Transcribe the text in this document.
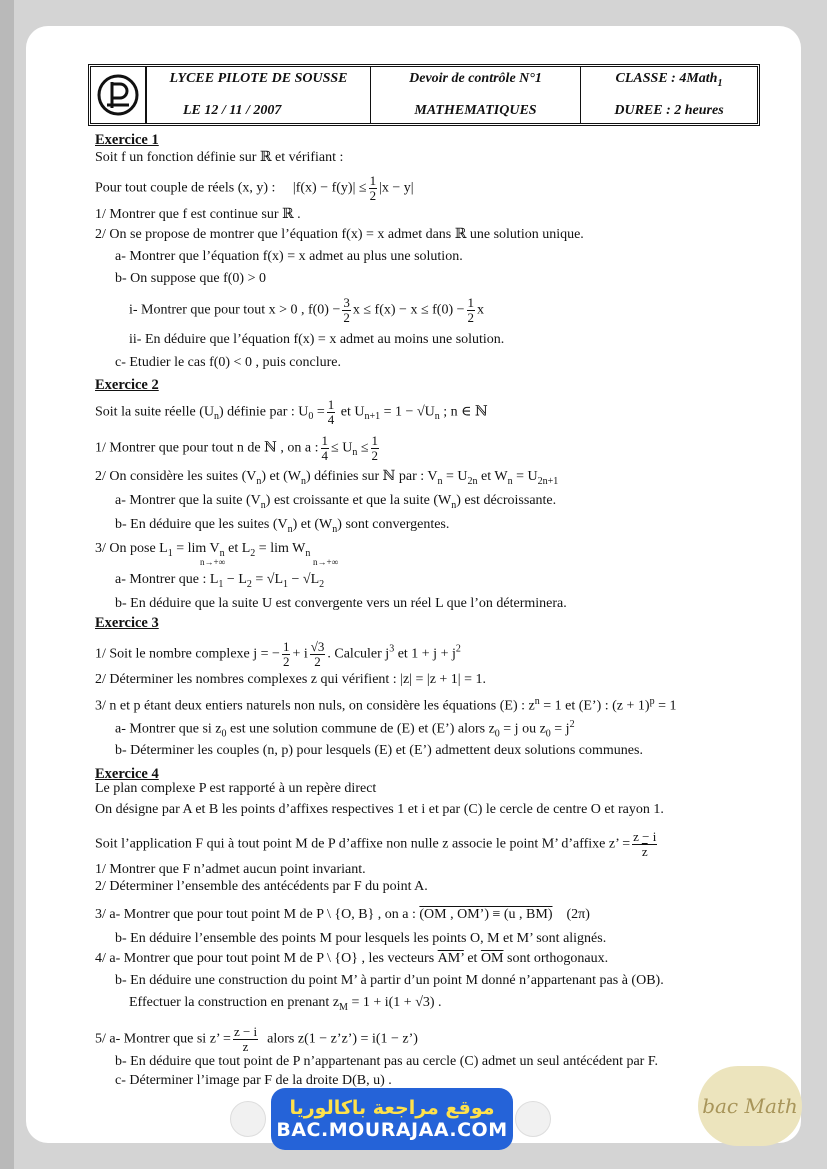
LYCEE PILOTE DE SOUSSE
LE 12 / 11 / 2007
Devoir de contrôle N°1
MATHEMATIQUES
CLASSE : 4Math$_1$
DUREE : 2 heures
Exercice 1
Soit f un fonction définie sur ℝ et vérifiant :
Pour tout couple de réels (x, y) : $|f(x) - f(y)| \le \frac{1}{2} |x - y|$
1/ Montrer que f est continue sur ℝ .
2/ On se propose de montrer que l’équation f(x) = x admet dans ℝ une solution unique.
a- Montrer que l’équation f(x) = x admet au plus une solution.
b- On suppose que f(0) > 0
i- Montrer que pour tout x > 0 , $f(0) - \frac{3}{2}$ $x \le f(x) - x \le f(0) - \frac{1}{2}$ x
ii- En déduire que l’équation f(x) = x admet au moins une solution.
c- Etudier le cas f(0) < 0 , puis conclure.
Exercice 2
Soit la suite réelle $(U_n)$ définie par : $U_0 = \frac{1}{4}$ et $U_{n+1} = 1 - √U_n$ ; n ∈ ℕ
1/ Montrer que pour tout n de ℕ , on a : $\frac{1}{4} \le U_n \le \frac{1}{2}$
2/ On considère les suites $(V_n)$ et $(W_n)$ définies sur ℕ par : $V_n = U_{2n}$ et $W_n = U_{2n+1}$
a- Montrer que la suite $(V_n)$ est croissante et que la suite $(W_n)$ est décroissante.
b- En déduire que les suites $(V_n)$ et $(W_n)$ sont convergentes.
3/ On pose $L_1 = \lim V_n$ et $L_2 = \lim W_n$
n→+∞	n→+∞
a- Montrer que : $L_1 - L_2 = √L_1 - √L_2$
b- En déduire que la suite U est convergente vers un réel L que l’on déterminera.
Exercice 3
1/ Soit le nombre complexe j = − $\frac{1}{2} + i \frac{√3}{2}$ . Calculer $j^3$ et $1 + j + j^2$
2/ Déterminer les nombres complexes z qui vérifient : |z| = |z + 1| = 1.
3/ n et p étant deux entiers naturels non nuls, on considère les équations (E) : $z^n = 1$ et (E’) : $(z + 1)^p = 1$
a- Montrer que si $z_0$ est une solution commune de (E) et (E’) alors $z_0 = j$ ou $z_0 = j^2$
b- Déterminer les couples (n, p) pour lesquels (E) et (E’) admettent deux solutions communes.
Exercice 4
Le plan complexe P est rapporté à un repère direct
On désigne par A et B les points d’affixes respectives 1 et i et par (C) le cercle de centre O et rayon 1.
Soit l’application F qui à tout point M de P d’affixe non nulle z associe le point M’ d’affixe z’ = $\frac{z - i}{z}$
1/ Montrer que F n’admet aucun point invariant.
2/ Déterminer l’ensemble des antécédents par F du point A.
3/ a- Montrer que pour tout point M de P \ {O, B} , on a : (OM , OM’) ≡ (u , BM) (2π)
b- En déduire l’ensemble des points M pour lesquels les points O, M et M’ sont alignés.
4/ a- Montrer que pour tout point M de P \ {O} , les vecteurs AM’ et $\overline{OM}$ sont orthogonaux.
b- En déduire une construction du point M’ à partir d’un point M donné n’appartenant pas à (OB).
Effectuer la construction en prenant $z_M = 1 + i(1 + √3)$ .
5/ a- Montrer que si z’ = $\frac{z - i}{z}$ alors z(1 − z’z’) = i(1 − z’)
b- En déduire que tout point de P n’appartenant pas au cercle (C) admet un seul antécédent par F.
c- Déterminer l’image par F de la droite D(B, u) .
موقع مراجعة باكالوريا
BAC.MOURAJAA.COM
bac Math
